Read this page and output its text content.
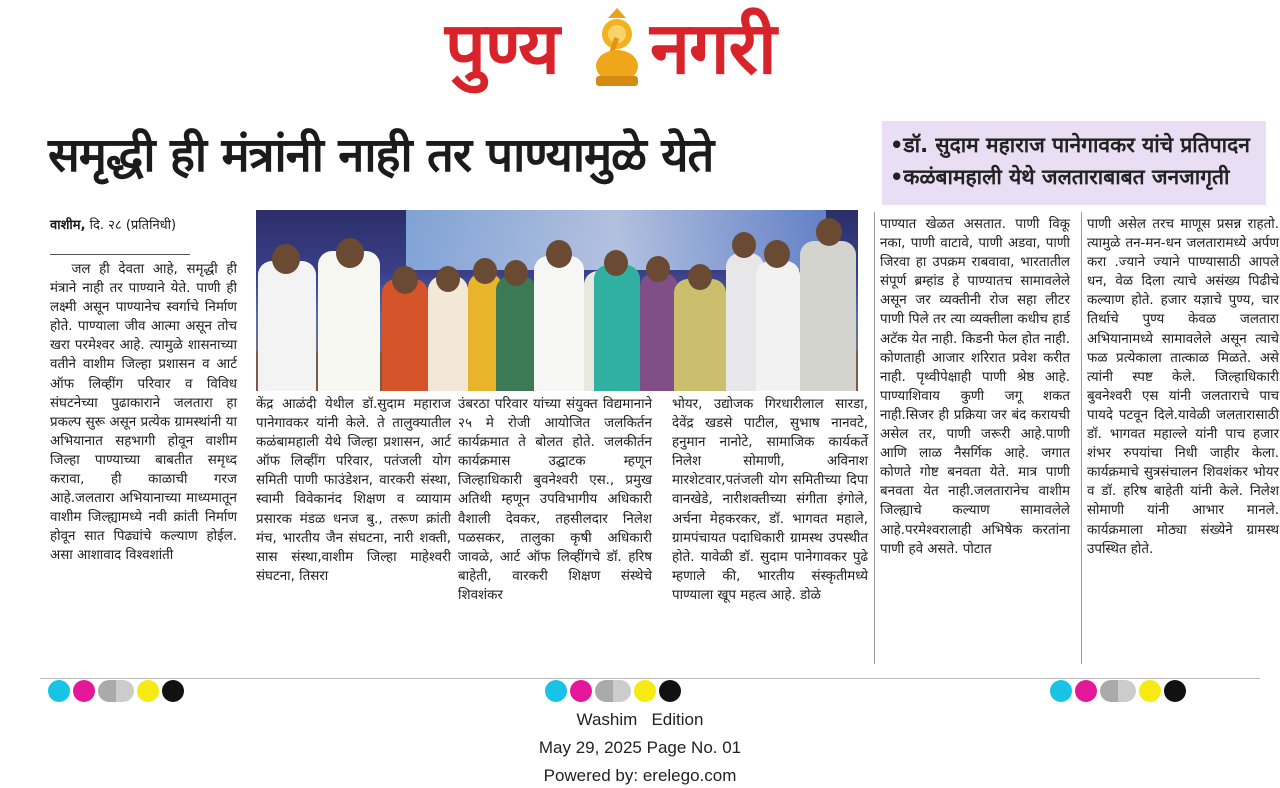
पुण्य नगरी
समृद्धी ही मंत्रांनी नाही तर पाण्यामुळे येते	•डॉ. सुदाम महाराज पानेगावकर यांचे प्रतिपादन
•कळंबामहाली येथे जलताराबाबत जनजागृती
वाशीम, दि. २८ (प्रतिनिधी)

जल ही देवता आहे, समृद्धी ही मंत्राने नाही तर पाण्याने येते. पाणी ही लक्ष्मी असून पाण्यानेच स्वर्गाचे निर्माण होते. पाण्याला जीव आत्मा असून तोच खरा परमेश्वर आहे. त्यामुळे शासनाच्या वतीने वाशीम जिल्हा प्रशासन व आर्ट ऑफ लिव्हींग परिवार व विविध संघटनेच्या पुढाकाराने जलतारा हा प्रकल्प सुरू असून प्रत्येक ग्रामस्थांनी या अभियानात सहभागी होवून वाशीम जिल्हा पाण्याच्या बाबतीत समृध्द करावा, ही काळाची गरज आहे.जलतारा अभियानाच्या माध्यमातून वाशीम जिल्ह्यामध्ये नवी क्रांती निर्माण होवून सात पिढ्यांचे कल्याण होईल. असा आशावाद विश्वशांती

केंद्र आळंदी येथील डॉ.सुदाम महाराज पानेगावकर यांनी केले. ते तालुक्यातील कळंबामहाली येथे जिल्हा प्रशासन, आर्ट ऑफ लिव्हींग परिवार, पतंजली योग समिती पाणी फाउंडेशन, वारकरी संस्था, स्वामी विवेकानंद शिक्षण व व्यायाम प्रसारक मंडळ धनज बु., तरूण क्रांती मंच, भारतीय जैन संघटना, नारी शक्ती, सास संस्था,वाशीम जिल्हा माहेश्वरी संघटना, तिसरा

उंबरठा परिवार यांच्या संयुक्त विद्यमानाने २५ मे रोजी आयोजित जलकिर्तन कार्यक्रमात ते बोलत होते. जलकीर्तन कार्यक्रमास उद्घाटक म्हणून जिल्हाधिकारी बुवनेश्वरी एस., प्रमुख अतिथी म्हणून उपविभागीय अधिकारी वैशाली देवकर, तहसीलदार निलेश पळसकर, तालुका कृषी अधिकारी जावळे, आर्ट ऑफ लिव्हींगचे डॉ. हरिष बाहेती, वारकरी शिक्षण संस्थेचे शिवशंकर

भोयर, उद्योजक गिरधारीलाल सारडा, देवेंद्र खडसे पाटील, सुभाष नानवटे, हनुमान नानोटे, सामाजिक कार्यकर्ते निलेश सोमाणी, अविनाश मारशेटवार,पतंजली योग समितीच्या दिपा वानखेडे, नारीशक्तीच्या संगीता इंगोले, अर्चना मेहकरकर, डॉ. भागवत महाले, ग्रामपंचायत पदाधिकारी ग्रामस्थ उपस्थीत होते. यावेळी डॉ. सुदाम पानेगावकर पुढे म्हणाले की, भारतीय संस्कृतीमध्ये पाण्याला खूप महत्व आहे. डोळे

पाण्यात खेळत असतात. पाणी विकू नका, पाणी वाटावे, पाणी अडवा, पाणी जिरवा हा उपक्रम राबवावा, भारतातील संपूर्ण ब्रम्हांड हे पाण्यातच सामावलेले असून जर व्यक्तीनी रोज सहा लीटर पाणी पिले तर त्या व्यक्तीला कधीच हार्ड अटॅक येत नाही. किडनी फेल होत नाही. कोणताही आजार शरिरात प्रवेश करीत नाही. पृथ्वीपेक्षाही पाणी श्रेष्ठ आहे. पाण्याशिवाय कुणी जगू शकत नाही.सिजर ही प्रक्रिया जर बंद करायची असेल तर, पाणी जरूरी आहे.पाणी आणि लाळ नैसर्गिक आहे. जगात कोणते गोष्ट बनवता येते. मात्र पाणी बनवता येत नाही.जलतारानेच वाशीम जिल्ह्याचे कल्याण सामावलेले आहे.परमेश्वरालाही अभिषेक करतांना पाणी हवे असते. पोटात

पाणी असेल तरच माणूस प्रसन्न राहतो. त्यामुळे तन-मन-धन जलतारामध्ये अर्पण करा .ज्याने ज्याने पाण्यासाठी आपले धन, वेळ दिला त्याचे असंख्य पिढीचे कल्याण होते. हजार यज्ञाचे पुण्य, चार तिर्थाचे पुण्य केवळ जलतारा अभियानामध्ये सामावलेले असून त्याचे फळ प्रत्येकाला तात्काळ मिळते. असे त्यांनी स्पष्ट केले. जिल्हाधिकारी बुवनेश्वरी एस यांनी जलताराचे पाच पायदे पटवून दिले.यावेळी जलतारासाठी डॉ. भागवत महाल्ले यांनी पाच हजार शंभर रुपयांचा निधी जाहीर केला. कार्यक्रमाचे सुत्रसंचालन शिवशंकर भोयर व डॉ. हरिष बाहेती यांनी केले. निलेश सोमाणी यांनी आभार मानले. कार्यक्रमाला मोठ्या संख्येने ग्रामस्थ उपस्थित होते.

Washim   Edition
May 29, 2025 Page No. 01
Powered by: erelego.com
